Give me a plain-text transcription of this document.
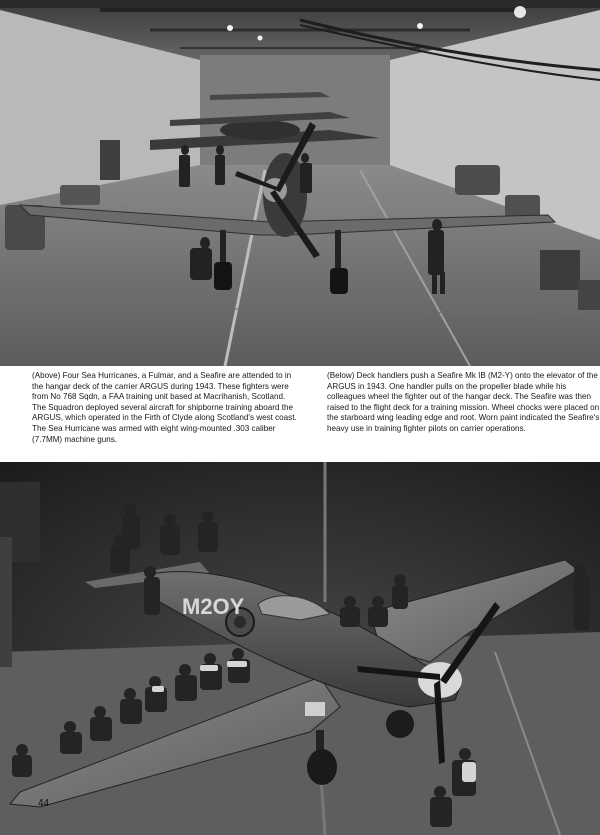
(Above) Four Sea Hurricanes, a Fulmar, and a Seafire are attended to in the hangar deck of the carrier ARGUS during 1943. These fighters were from No 768 Sqdn, a FAA training unit based at Macrihanish, Scotland. The Squadron deployed several aircraft for shipborne training aboard the ARGUS, which operated in the Firth of Clyde along Scotland's west coast. The Sea Hurricane was armed with eight wing-mounted .303 caliber (7.7MM) machine guns.
(Below) Deck handlers push a Seafire Mk IB (M2-Y) onto the elevator of the ARGUS in 1943. One handler pulls on the propeller blade while his colleagues wheel the fighter out of the hangar deck. The Seafire was then raised to the flight deck for a training mission. Wheel chocks were placed on the starboard wing leading edge and root. Worn paint indicated the Seafire's heavy use in training fighter pilots on carrier operations.
M2OY
44
